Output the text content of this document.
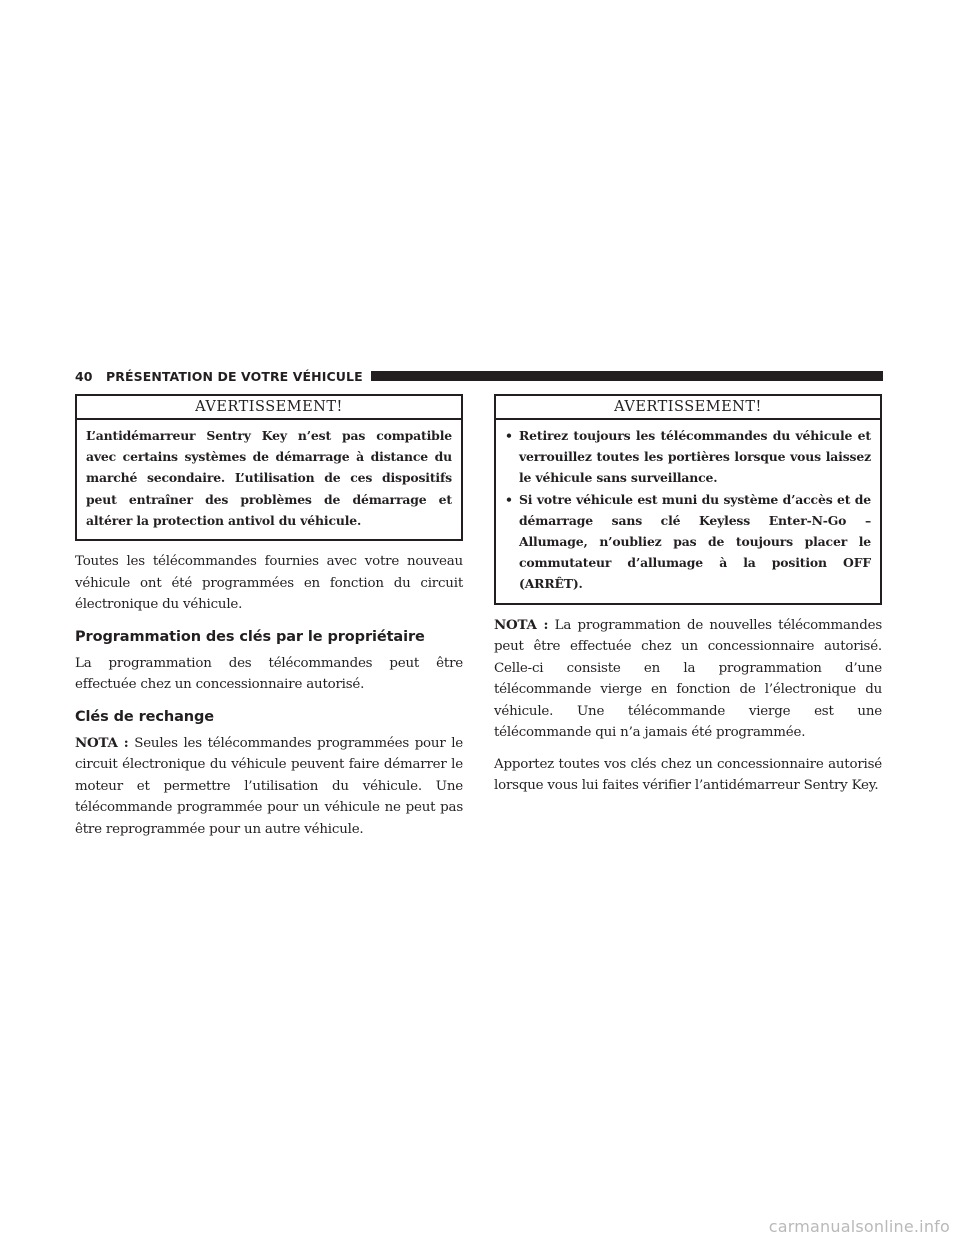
40 PRÉSENTATION DE VOTRE VÉHICULE
AVERTISSEMENT!
L’antidémarreur Sentry Key n’est pas compatible avec certains systèmes de démarrage à distance du marché secondaire. L’utilisation de ces dispositifs peut entraîner des problèmes de démarrage et altérer la protection antivol du véhicule.

Toutes les télécommandes fournies avec votre nouveau véhicule ont été programmées en fonction du circuit électronique du véhicule.

Programmation des clés par le propriétaire

La programmation des télécommandes peut être effectuée chez un concessionnaire autorisé.

Clés de rechange

NOTA : Seules les télécommandes programmées pour le circuit électronique du véhicule peuvent faire démarrer le moteur et permettre l’utilisation du véhicule. Une télécommande programmée pour un véhicule ne peut pas être reprogrammée pour un autre véhicule.

AVERTISSEMENT!
• Retirez toujours les télécommandes du véhicule et verrouillez toutes les portières lorsque vous laissez le véhicule sans surveillance.
• Si votre véhicule est muni du système d’accès et de démarrage sans clé Keyless Enter-N-Go – Allumage, n’oubliez pas de toujours placer le commutateur d’allumage à la position OFF (ARRÊT).

NOTA : La programmation de nouvelles télécommandes peut être effectuée chez un concessionnaire autorisé. Celle-ci consiste en la programmation d’une télécommande vierge en fonction de l’électronique du véhicule. Une télécommande vierge est une télécommande qui n’a jamais été programmée.

Apportez toutes vos clés chez un concessionnaire autorisé lorsque vous lui faites vérifier l’antidémarreur Sentry Key.

carmanualsonline.info
